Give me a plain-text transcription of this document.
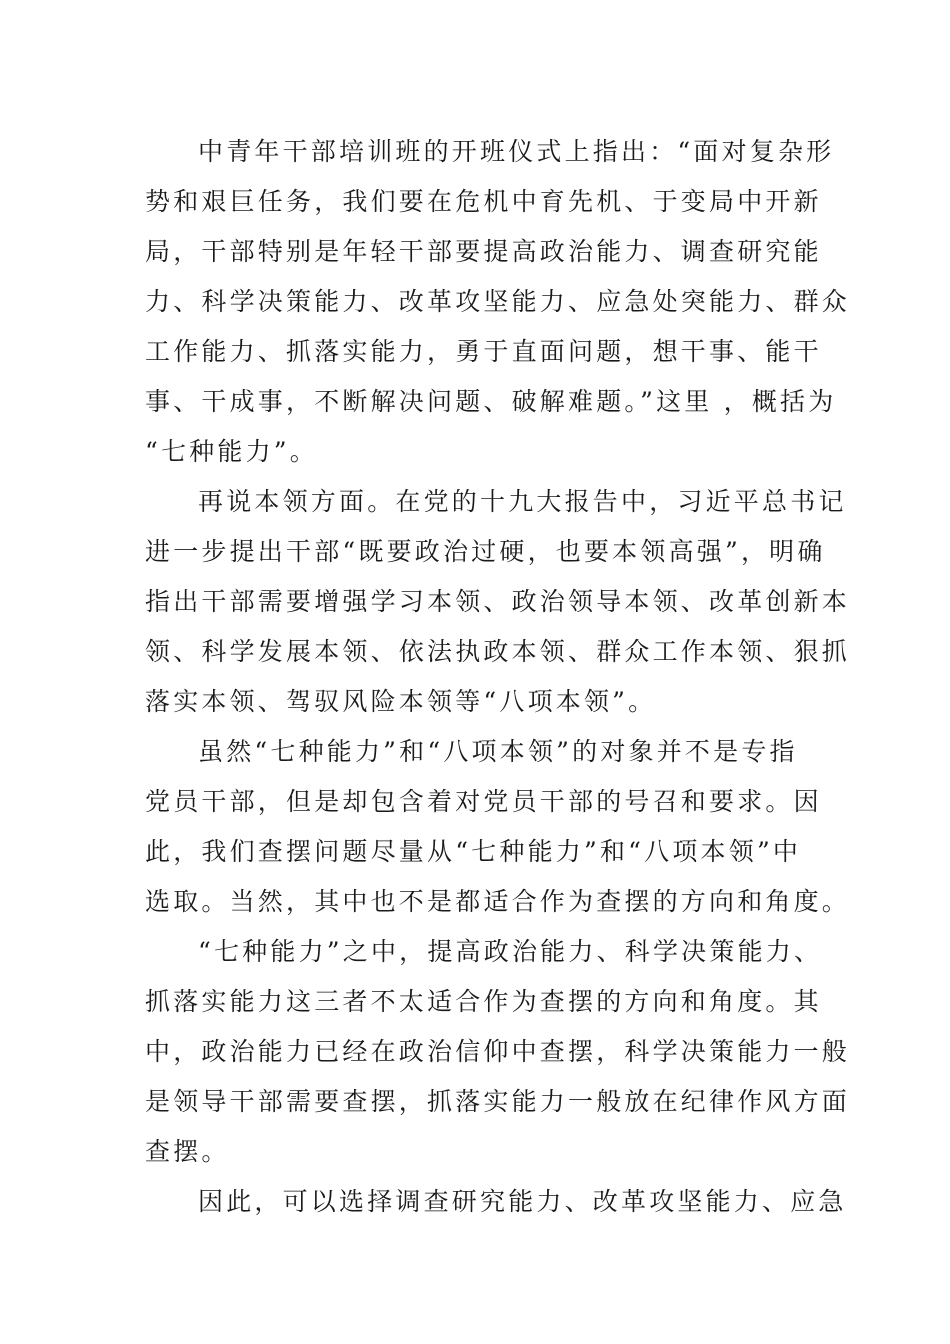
中青年干部培训班的开班仪式上指出：“面对复杂形
势和艰巨任务，我们要在危机中育先机、于变局中开新
局，干部特别是年轻干部要提高政治能力、调查研究能
力、科学决策能力、改革攻坚能力、应急处突能力、群众
工作能力、抓落实能力，勇于直面问题，想干事、能干
事、干成事，不断解决问题、破解难题。”这里 ，概括为
“七种能力”。
再说本领方面。在党的十九大报告中，习近平总书记
进一步提出干部“既要政治过硬，也要本领高强”，明确
指出干部需要增强学习本领、政治领导本领、改革创新本
领、科学发展本领、依法执政本领、群众工作本领、狠抓
落实本领、驾驭风险本领等“八项本领”。
虽然“七种能力”和“八项本领”的对象并不是专指
党员干部，但是却包含着对党员干部的号召和要求。因
此，我们查摆问题尽量从“七种能力”和“八项本领”中
选取。当然，其中也不是都适合作为查摆的方向和角度。
“七种能力”之中，提高政治能力、科学决策能力、
抓落实能力这三者不太适合作为查摆的方向和角度。其
中，政治能力已经在政治信仰中查摆，科学决策能力一般
是领导干部需要查摆，抓落实能力一般放在纪律作风方面
查摆。
因此，可以选择调查研究能力、改革攻坚能力、应急
